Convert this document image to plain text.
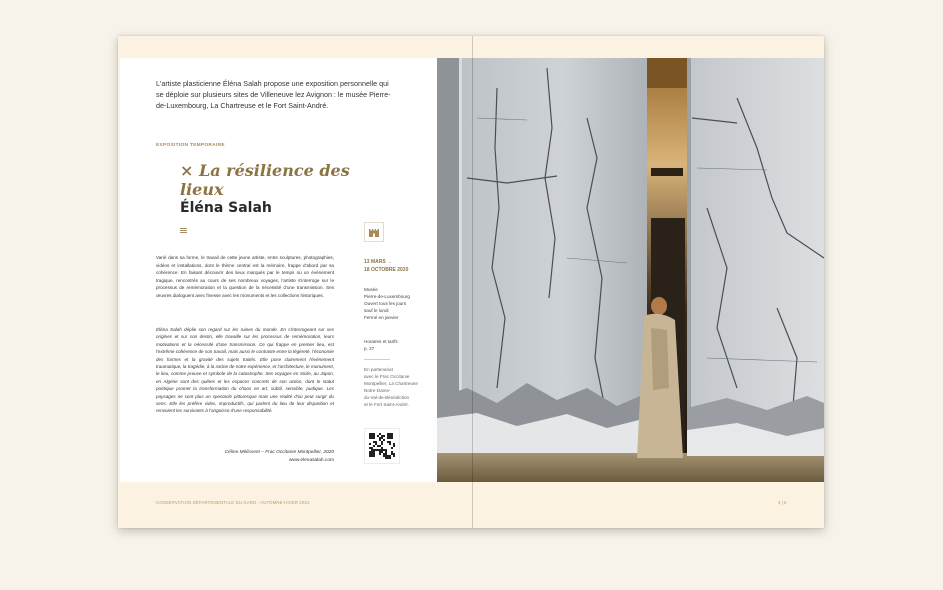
L'artiste plasticienne Éléna Salah propose une exposition personnelle qui se déploie sur plusieurs sites de Villeneuve lez Avignon : le musée Pierre-de-Luxembourg, La Chartreuse et le Fort Saint-André.

EXPOSITION TEMPORAIRE
× La résilience des lieux
Éléna Salah

Varié dans sa forme, le travail de cette jeune artiste, entre sculptures, photographies, vidéos et installations, dont le thème central est la mémoire, frappe d'abord par sa cohérence. En faisant découvrir des lieux marqués par le temps ou un événement tragique, rencontrés au cours de ses nombreux voyages, l'artiste s'interroge sur le processus de remémoration et la question de la nécessité d'une transmission. Ses œuvres dialoguent avec finesse avec les monuments et les collections historiques.

Éléna Salah déplie son regard sur les ruines du monde. En s'interrogeant sur ses origines et sur son destin, elle travaille sur les processus de remémoration, leurs motivations et la nécessité d'une transmission. Ce qui frappe en premier lieu, est l'extrême cohérence de son travail, mais aussi le contraste entre la légèreté, l'économie des formes et la gravité des sujets traités. Elle pose clairement l'événement traumatique, la tragédie, à la racine de notre expérience, et l'architecture, le monument, le lieu, comme preuve et symbole de la catastrophe. Ses voyages en Sicile, au Japon, en Algérie sont des quêtes et les espaces concrets de son action, dont le statut poétique promet la transformation du chaos en art, subtil, sensible, pudique. Les paysages ne sont plus un spectacle pittoresque mais une réalité d'où peut surgir du sens. Elle les préfère vides, improductifs, qui parlent du lieu de leur disparition et renvoient les survivants à l'angoisse d'une responsabilité.

Céline Mélissent – Frac Occitanie Montpellier, 2020
www.elenasalah.com
13 MARS →
18 OCTOBRE 2020
Musée
Pierre-de-Luxembourg
Ouvert tous les jours
sauf le lundi
Fermé en janvier
Horaires et tarifs
p. 27
En partenariat
avec le Frac Occitanie
Montpellier, La Chartreuse
Notre-Dame-
du-Val-de-Bénédiction
et le Fort Saint-André.
CONSERVATION DÉPARTEMENTALE DU GARD · AUTOMNE-HIVER 2021	4 | 5
